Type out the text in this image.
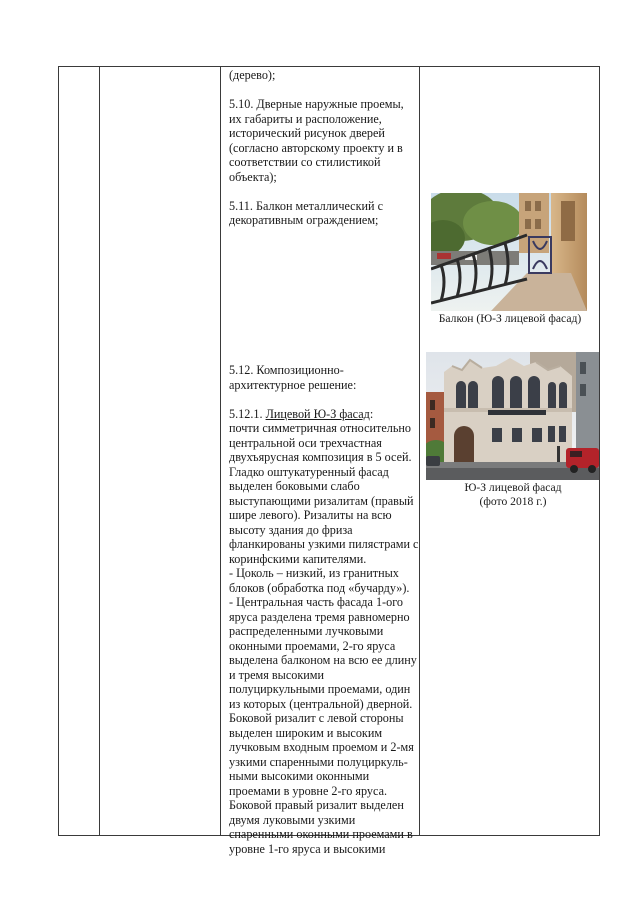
(дерево);

5.10. Дверные наружные проемы,

их габариты и расположение,

исторический рисунок дверей

(согласно авторскому проекту и в

соответствии со стилистикой

объекта);

5.11. Балкон металлический с

декоративным ограждением;

5.12. Композиционно-

архитектурное решение:

5.12.1. Лицевой Ю-З фасад:

почти симметричная относительно

центральной оси трехчастная

двухъярусная композиция в 5 осей.

Гладко оштукатуренный фасад

выделен боковыми слабо

выступающими ризалитам (правый

шире левого). Ризалиты на всю

высоту здания до фриза

фланкированы узкими пилястрами с

коринфскими капителями.

- Цоколь – низкий, из гранитных

блоков (обработка под «бучарду»).

- Центральная часть фасада 1-ого

яруса разделена тремя равномерно

распределенными лучковыми

оконными проемами, 2-го яруса

выделена балконом на всю ее длину

и тремя высокими

полуциркульными проемами, один

из которых (центральной) дверной.

Боковой ризалит с левой стороны

выделен широким и высоким

лучковым входным проемом и 2-мя

узкими спаренными полуциркуль-

ными высокими оконными

проемами в уровне 2-го яруса.

Боковой правый ризалит выделен

двумя луковыми узкими

спаренными оконными проемами в

уровне 1-го яруса и высокими

Балкон (Ю-З лицевой фасад)
Ю-З лицевой фасад
(фото 2018 г.)
